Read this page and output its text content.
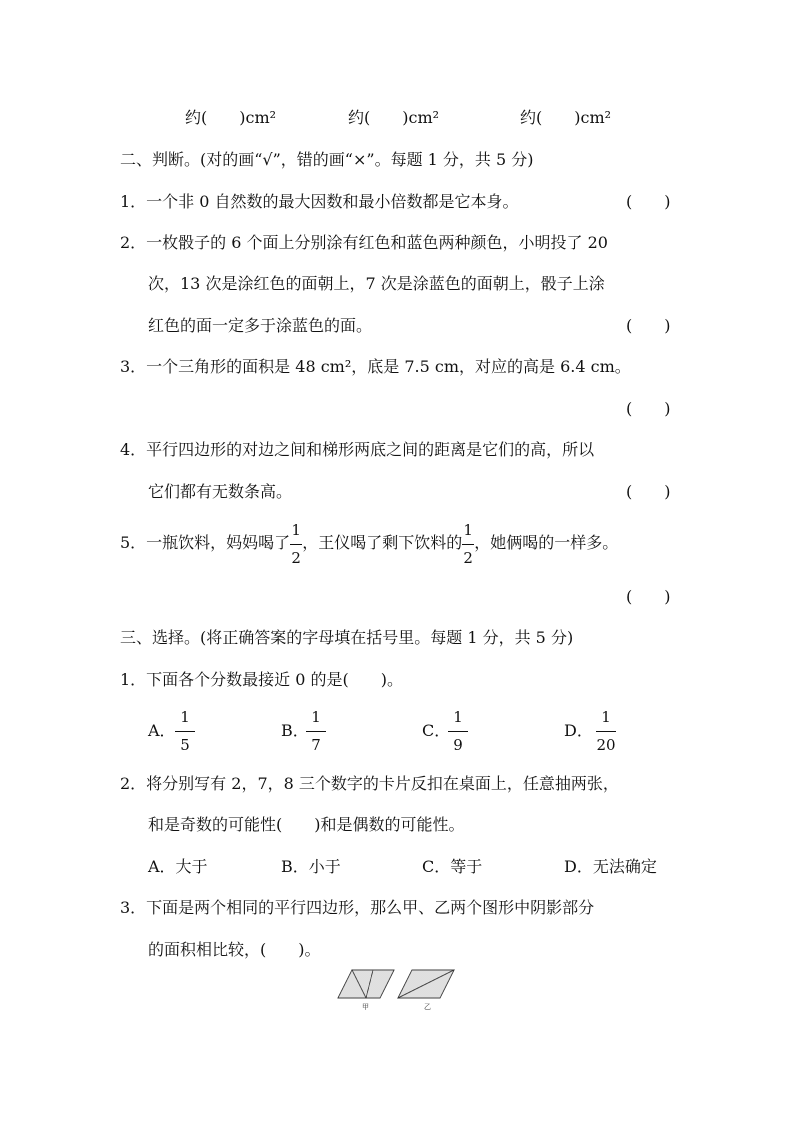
约(　　)cm²	约(　　)cm²	约(　　)cm²
二、判断。(对的画“√”，错的画“×”。每题 1 分，共 5 分)
1．一个非 0 自然数的最大因数和最小倍数都是它本身。	(　　)
2．一枚骰子的 6 个面上分别涂有红色和蓝色两种颜色，小明投了 20
次，13 次是涂红色的面朝上，7 次是涂蓝色的面朝上，骰子上涂
红色的面一定多于涂蓝色的面。	(　　)
3．一个三角形的面积是 48 cm²，底是 7.5 cm，对应的高是 6.4 cm。
(　　)
4．平行四边形的对边之间和梯形两底之间的距离是它们的高，所以
它们都有无数条高。	(　　)
5．一瓶饮料，妈妈喝了 $\frac{1}{2}$ ，王仪喝了剩下饮料的 $\frac{1}{2}$ ，她俩喝的一样多。
(　　)
三、选择。(将正确答案的字母填在括号里。每题 1 分，共 5 分)
1．下面各个分数最接近 0 的是(　　)。
A．
1
5
B．
1
7
C．
1
9
D．
1
20
2．将分别写有 2，7，8 三个数字的卡片反扣在桌面上，任意抽两张，
和是奇数的可能性(　　)和是偶数的可能性。
A．大于	B．小于	C．等于	D．无法确定
3．下面是两个相同的平行四边形，那么甲、乙两个图形中阴影部分
的面积相比较，(　　)。
甲	乙
